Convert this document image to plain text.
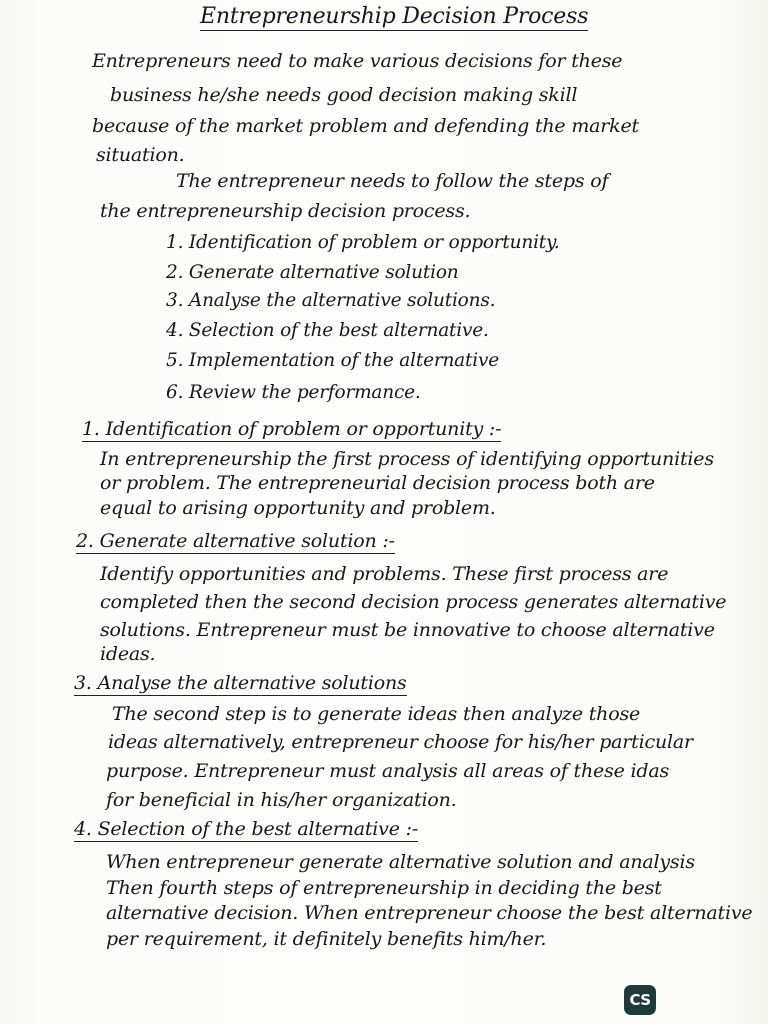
Entrepreneurship Decision Process
Entrepreneurs need to make various decisions for these
business he/she needs good decision making skill
because of the market problem and defending the market
situation.
The entrepreneur needs to follow the steps of
the entrepreneurship decision process.
1. Identification of problem or opportunity.
2. Generate alternative solution
3. Analyse the alternative solutions.
4. Selection of the best alternative.
5. Implementation of the alternative
6. Review the performance.
1. Identification of problem or opportunity :-
In entrepreneurship the first process of identifying opportunities
or problem. The entrepreneurial decision process both are
equal to arising opportunity and problem.
2. Generate alternative solution :-
Identify opportunities and problems. These first process are
completed then the second decision process generates alternative
solutions. Entrepreneur must be innovative to choose alternative
ideas.
3. Analyse the alternative solutions
The second step is to generate ideas then analyze those
ideas alternatively, entrepreneur choose for his/her particular
purpose. Entrepreneur must analysis all areas of these idas
for beneficial in his/her organization.
4. Selection of the best alternative :-
When entrepreneur generate alternative solution and analysis
Then fourth steps of entrepreneurship in deciding the best
alternative decision. When entrepreneur choose the best alternative
per requirement, it definitely benefits him/her.
CS
